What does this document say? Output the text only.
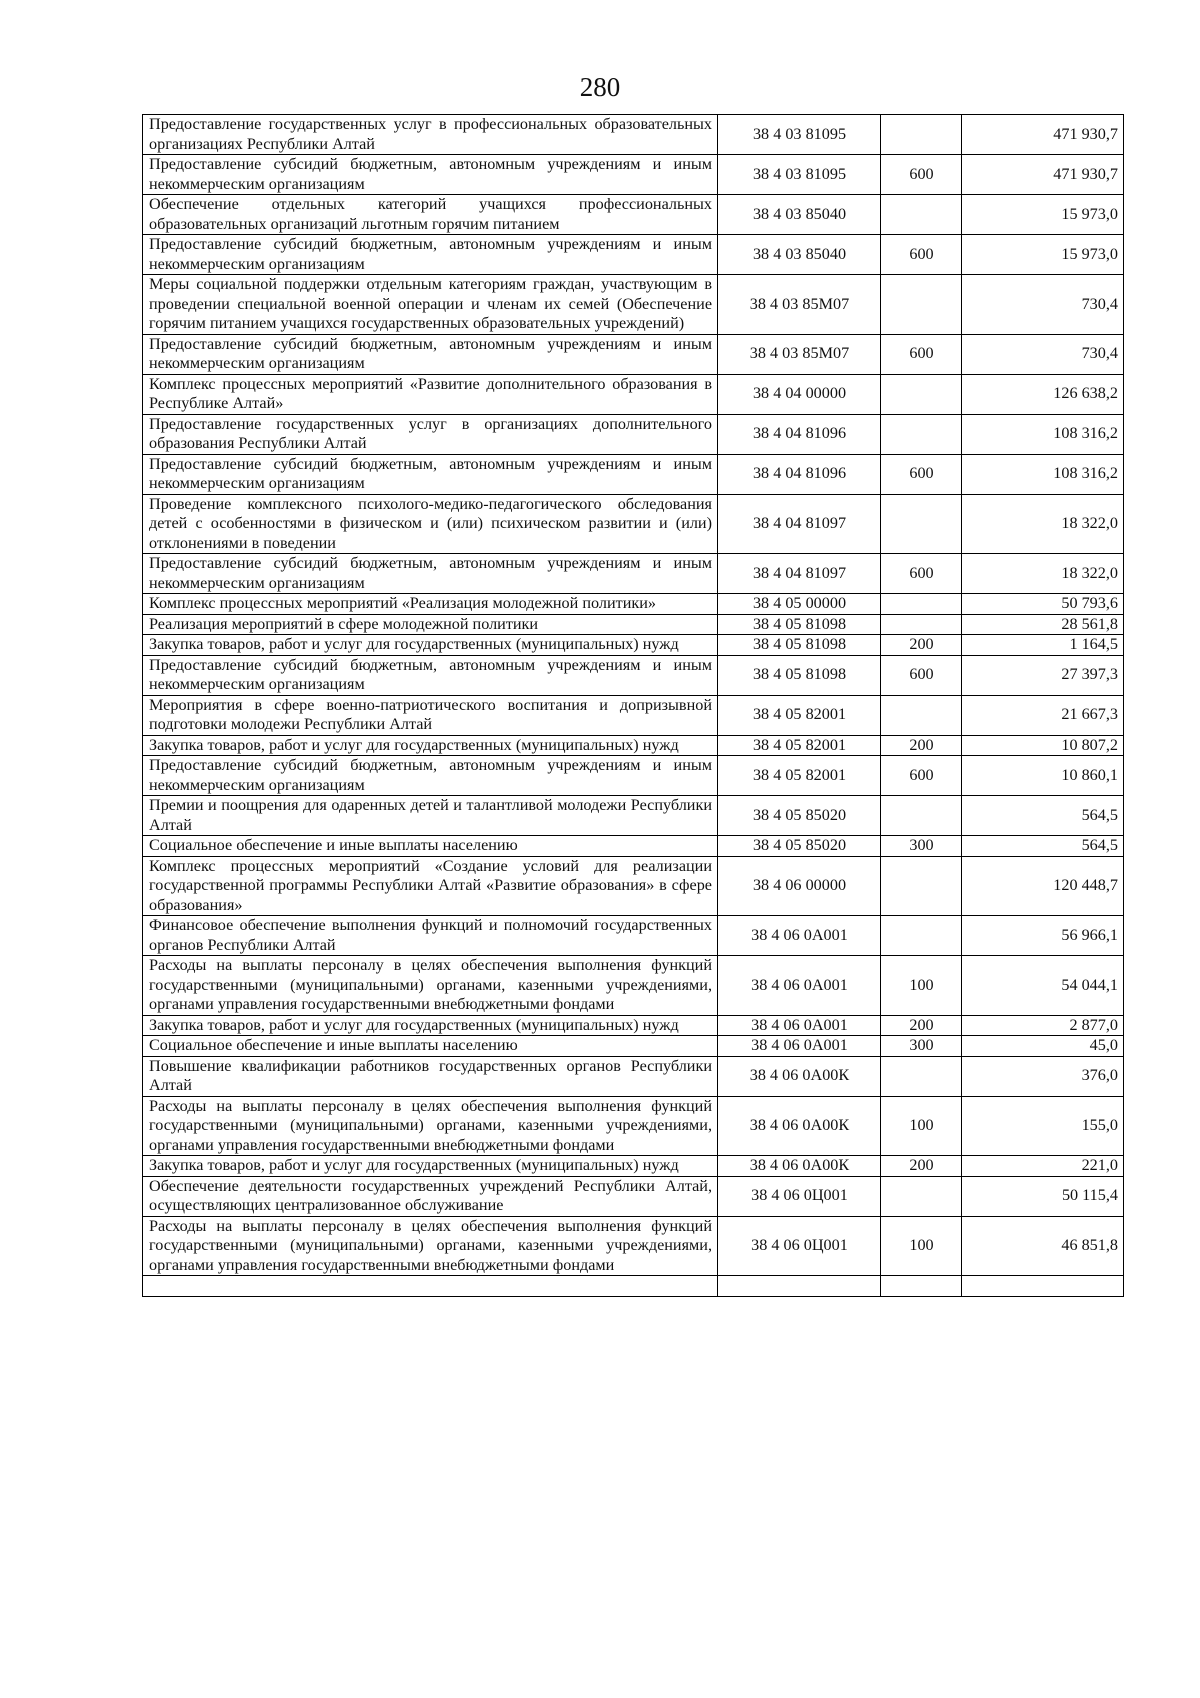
280
Предоставление государственных услуг в профессиональных образовательных организациях Республики Алтай	38 4 03 81095		471 930,7
Предоставление субсидий бюджетным, автономным учреждениям и иным некоммерческим организациям	38 4 03 81095	600	471 930,7
Обеспечение отдельных категорий учащихся профессиональных образовательных организаций льготным горячим питанием	38 4 03 85040		15 973,0
Предоставление субсидий бюджетным, автономным учреждениям и иным некоммерческим организациям	38 4 03 85040	600	15 973,0
Меры социальной поддержки отдельным категориям граждан, участвующим в проведении специальной военной операции и членам их семей (Обеспечение горячим питанием учащихся государственных образовательных учреждений)	38 4 03 85М07		730,4
Предоставление субсидий бюджетным, автономным учреждениям и иным некоммерческим организациям	38 4 03 85М07	600	730,4
Комплекс процессных мероприятий «Развитие дополнительного образования в Республике Алтай»	38 4 04 00000		126 638,2
Предоставление государственных услуг в организациях дополнительного образования Республики Алтай	38 4 04 81096		108 316,2
Предоставление субсидий бюджетным, автономным учреждениям и иным некоммерческим организациям	38 4 04 81096	600	108 316,2
Проведение комплексного психолого-медико-педагогического обследования детей с особенностями в физическом и (или) психическом развитии и (или) отклонениями в поведении	38 4 04 81097		18 322,0
Предоставление субсидий бюджетным, автономным учреждениям и иным некоммерческим организациям	38 4 04 81097	600	18 322,0
Комплекс процессных мероприятий «Реализация молодежной политики»	38 4 05 00000		50 793,6
Реализация мероприятий в сфере молодежной политики	38 4 05 81098		28 561,8
Закупка товаров, работ и услуг для государственных (муниципальных) нужд	38 4 05 81098	200	1 164,5
Предоставление субсидий бюджетным, автономным учреждениям и иным некоммерческим организациям	38 4 05 81098	600	27 397,3
Мероприятия в сфере военно-патриотического воспитания и допризывной подготовки молодежи Республики Алтай	38 4 05 82001		21 667,3
Закупка товаров, работ и услуг для государственных (муниципальных) нужд	38 4 05 82001	200	10 807,2
Предоставление субсидий бюджетным, автономным учреждениям и иным некоммерческим организациям	38 4 05 82001	600	10 860,1
Премии и поощрения для одаренных детей и талантливой молодежи Республики Алтай	38 4 05 85020		564,5
Социальное обеспечение и иные выплаты населению	38 4 05 85020	300	564,5
Комплекс процессных мероприятий «Создание условий для реализации государственной программы Республики Алтай «Развитие образования» в сфере образования»	38 4 06 00000		120 448,7
Финансовое обеспечение выполнения функций и полномочий государственных органов Республики Алтай	38 4 06 0А001		56 966,1
Расходы на выплаты персоналу в целях обеспечения выполнения функций государственными (муниципальными) органами, казенными учреждениями, органами управления государственными внебюджетными фондами	38 4 06 0А001	100	54 044,1
Закупка товаров, работ и услуг для государственных (муниципальных) нужд	38 4 06 0А001	200	2 877,0
Социальное обеспечение и иные выплаты населению	38 4 06 0А001	300	45,0
Повышение квалификации работников государственных органов Республики Алтай	38 4 06 0А00К		376,0
Расходы на выплаты персоналу в целях обеспечения выполнения функций государственными (муниципальными) органами, казенными учреждениями, органами управления государственными внебюджетными фондами	38 4 06 0А00К	100	155,0
Закупка товаров, работ и услуг для государственных (муниципальных) нужд	38 4 06 0А00К	200	221,0
Обеспечение деятельности государственных учреждений Республики Алтай, осуществляющих централизованное обслуживание	38 4 06 0Ц001		50 115,4
Расходы на выплаты персоналу в целях обеспечения выполнения функций государственными (муниципальными) органами, казенными учреждениями, органами управления государственными внебюджетными фондами	38 4 06 0Ц001	100	46 851,8
